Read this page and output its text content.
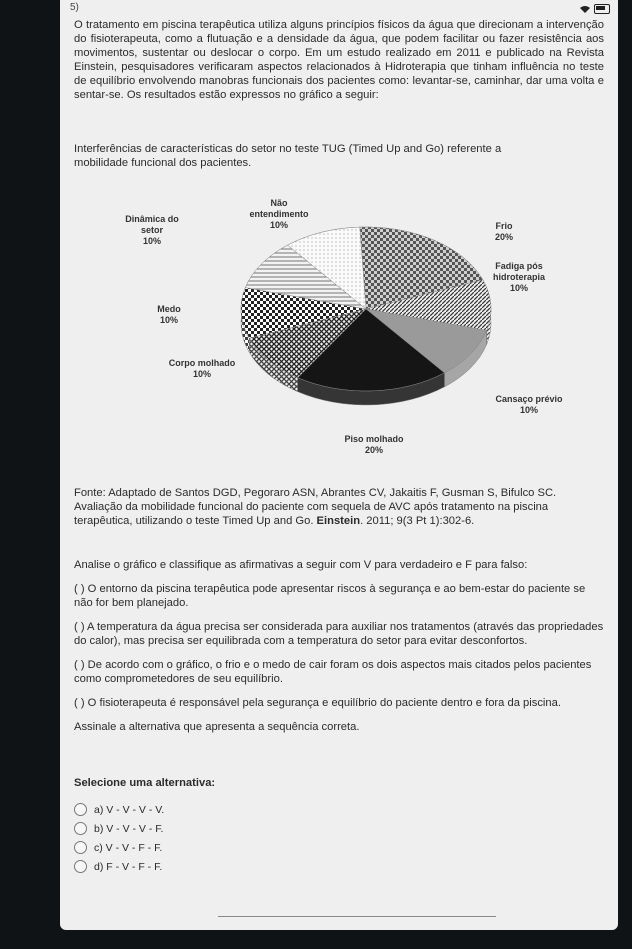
5)

O tratamento em piscina terapêutica utiliza alguns princípios físicos da água que direcionam a intervenção do fisioterapeuta, como a flutuação e a densidade da água, que podem facilitar ou fazer resistência aos movimentos, sustentar ou deslocar o corpo. Em um estudo realizado em 2011 e publicado na Revista Einstein, pesquisadores verificaram aspectos relacionados à Hidroterapia que tinham influência no teste de equilíbrio envolvendo manobras funcionais dos pacientes como: levantar-se, caminhar, dar uma volta e sentar-se. Os resultados estão expressos no gráfico a seguir:

Interferências de características do setor no teste TUG (Timed Up and Go) referente a mobilidade funcional dos pacientes.

Frio 20%
Fadiga pós hidroterapia 10%
Cansaço prévio 10%
Piso molhado 20%
Corpo molhado 10%
Medo 10%
Dinâmica do setor 10%
Não entendimento 10%

Fonte: Adaptado de Santos DGD, Pegoraro ASN, Abrantes CV, Jakaitis F, Gusman S, Bifulco SC. Avaliação da mobilidade funcional do paciente com sequela de AVC após tratamento na piscina terapêutica, utilizando o teste Timed Up and Go. Einstein. 2011; 9(3 Pt 1):302-6.

Analise o gráfico e classifique as afirmativas a seguir com V para verdadeiro e F para falso:

( ) O entorno da piscina terapêutica pode apresentar riscos à segurança e ao bem-estar do paciente se não for bem planejado.

( ) A temperatura da água precisa ser considerada para auxiliar nos tratamentos (através das propriedades do calor), mas precisa ser equilibrada com a temperatura do setor para evitar desconfortos.

( ) De acordo com o gráfico, o frio e o medo de cair foram os dois aspectos mais citados pelos pacientes como comprometedores de seu equilíbrio.

( ) O fisioterapeuta é responsável pela segurança e equilíbrio do paciente dentro e fora da piscina.

Assinale a alternativa que apresenta a sequência correta.

Selecione uma alternativa:

a) V - V - V - V.
b) V - V - V - F.
c) V - V - F - F.
d) F - V - F - F.
